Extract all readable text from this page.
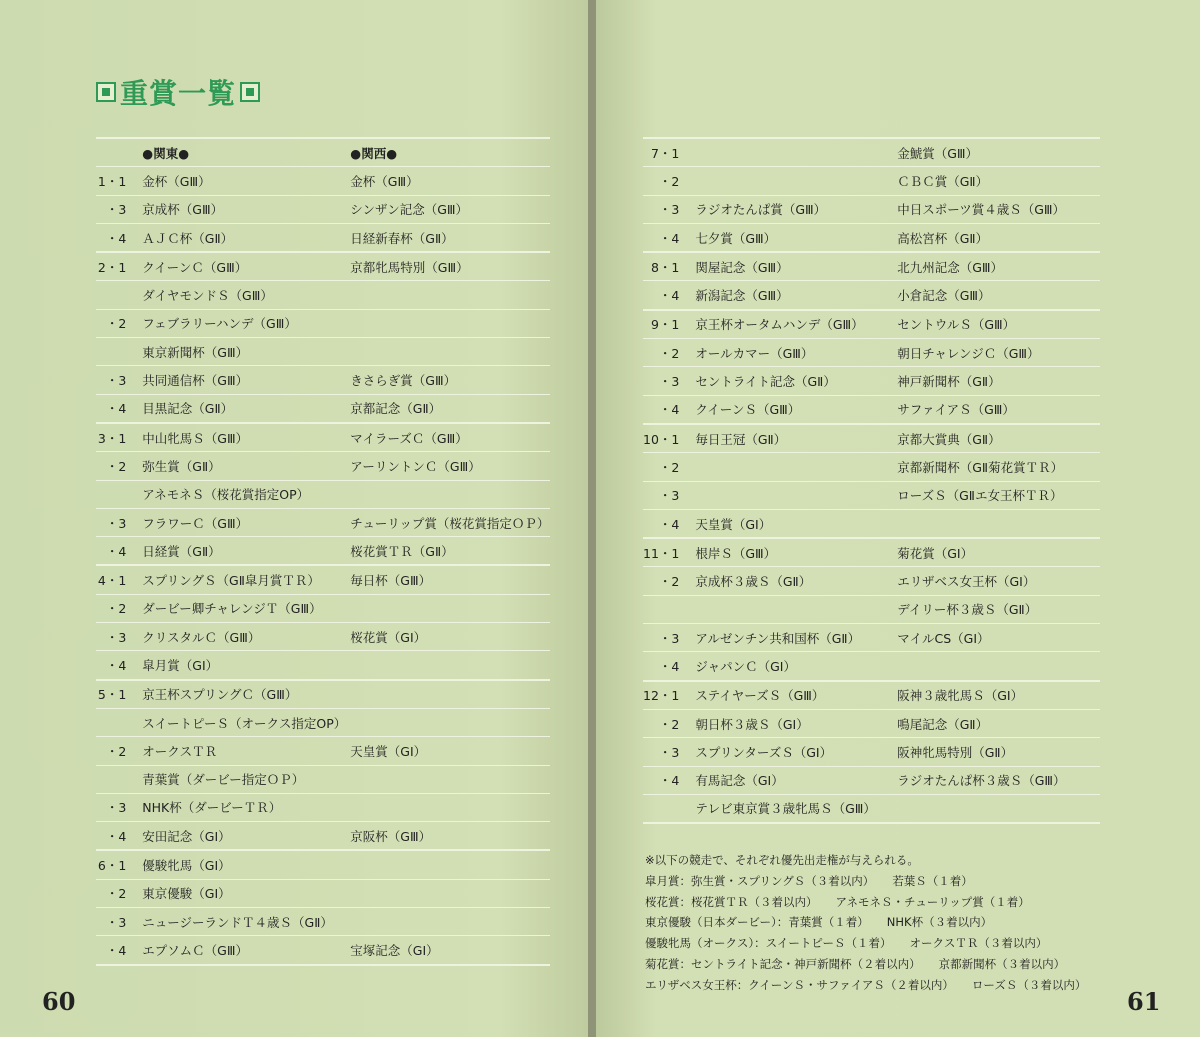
重賞一覧
	●関東●	●関西●
1・1	金杯（GⅢ）	金杯（GⅢ）
・3	京成杯（GⅢ）	シンザン記念（GⅢ）
・4	ＡＪＣ杯（GⅡ）	日経新春杯（GⅡ）
2・1	クイーンＣ（GⅢ）	京都牝馬特別（GⅢ）
	ダイヤモンドＳ（GⅢ）	
・2	フェブラリーハンデ（GⅢ）	
	東京新聞杯（GⅢ）	
・3	共同通信杯（GⅢ）	きさらぎ賞（GⅢ）
・4	目黒記念（GⅡ）	京都記念（GⅡ）
3・1	中山牝馬Ｓ（GⅢ）	マイラーズＣ（GⅢ）
・2	弥生賞（GⅡ）	アーリントンＣ（GⅢ）
	アネモネＳ（桜花賞指定OP）	
・3	フラワーＣ（GⅢ）	チューリップ賞（桜花賞指定ＯＰ）
・4	日経賞（GⅡ）	桜花賞ＴＲ（GⅡ）
4・1	スプリングＳ（GⅡ皐月賞ＴＲ）	毎日杯（GⅢ）
・2	ダービー卿チャレンジＴ（GⅢ）	
・3	クリスタルＣ（GⅢ）	桜花賞（GⅠ）
・4	皐月賞（GⅠ）	
5・1	京王杯スプリングＣ（GⅢ）	
	スイートピーＳ（オークス指定OP）	
・2	オークスＴＲ	天皇賞（GⅠ）
	青葉賞（ダービー指定ＯＰ）	
・3	NHK杯（ダービーＴＲ）	
・4	安田記念（GⅠ）	京阪杯（GⅢ）
6・1	優駿牝馬（GⅠ）	
・2	東京優駿（GⅠ）	
・3	ニュージーランドＴ４歳Ｓ（GⅡ）	
・4	エプソムＣ（GⅢ）	宝塚記念（GⅠ）
7・1		金鯱賞（GⅢ）
・2		ＣＢＣ賞（GⅡ）
・3	ラジオたんぱ賞（GⅢ）	中日スポーツ賞４歳Ｓ（GⅢ）
・4	七夕賞（GⅢ）	高松宮杯（GⅡ）
8・1	関屋記念（GⅢ）	北九州記念（GⅢ）
・4	新潟記念（GⅢ）	小倉記念（GⅢ）
9・1	京王杯オータムハンデ（GⅢ）	セントウルＳ（GⅢ）
・2	オールカマー（GⅢ）	朝日チャレンジＣ（GⅢ）
・3	セントライト記念（GⅡ）	神戸新聞杯（GⅡ）
・4	クイーンＳ（GⅢ）	サファイアＳ（GⅢ）
10・1	毎日王冠（GⅡ）	京都大賞典（GⅡ）
・2		京都新聞杯（GⅡ菊花賞ＴＲ）
・3		ローズＳ（GⅡエ女王杯ＴＲ）
・4	天皇賞（GⅠ）	
11・1	根岸Ｓ（GⅢ）	菊花賞（GⅠ）
・2	京成杯３歳Ｓ（GⅡ）	エリザベス女王杯（GⅠ）
		デイリー杯３歳Ｓ（GⅡ）
・3	アルゼンチン共和国杯（GⅡ）	マイルCS（GⅠ）
・4	ジャパンＣ（GⅠ）	
12・1	ステイヤーズＳ（GⅢ）	阪神３歳牝馬Ｓ（GⅠ）
・2	朝日杯３歳Ｓ（GⅠ）	鳴尾記念（GⅡ）
・3	スプリンターズＳ（GⅠ）	阪神牝馬特別（GⅡ）
・4	有馬記念（GⅠ）	ラジオたんぱ杯３歳Ｓ（GⅢ）
	テレビ東京賞３歳牝馬Ｓ（GⅢ）	
※以下の競走で、それぞれ優先出走権が与えられる。
皐月賞：弥生賞・スプリングＳ（３着以内） 若葉Ｓ（１着）
桜花賞：桜花賞ＴＲ（３着以内） アネモネＳ・チューリップ賞（１着）
東京優駿（日本ダービー）：青葉賞（１着） NHK杯（３着以内）
優駿牝馬（オークス）：スイートピーＳ（１着） オークスＴＲ（３着以内）
菊花賞：セントライト記念・神戸新聞杯（２着以内） 京都新聞杯（３着以内）
エリザベス女王杯：クイーンＳ・サファイアＳ（２着以内） ローズＳ（３着以内）
60	61
